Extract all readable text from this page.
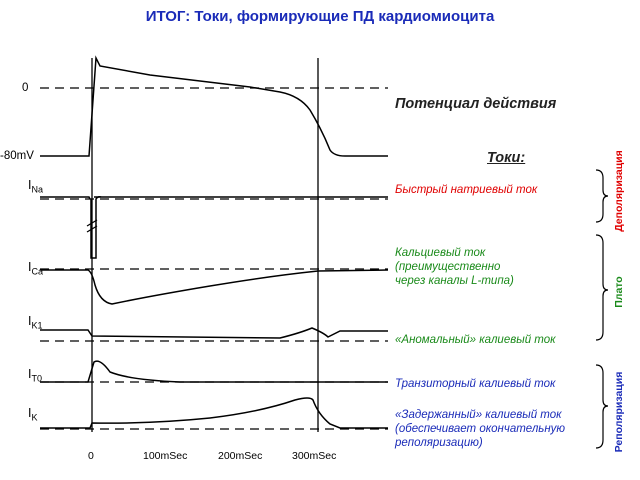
ИТОГ: Токи, формирующие ПД кардиомиоцита
0
-80mV
$I_{Na}$
$I_{Ca}$
$I_{K1}$
$I_{T0}$
$I_K$
0	100mSec	200mSec	300mSec
Потенциал действия
Токи:
Быстрый натриевый ток
Кальциевый ток
(преимущественно
через каналы L-типа)
«Аномальный» калиевый ток
Транзиторный калиевый ток
«Задержанный» калиевый ток
(обеспечивает окончательную
реполяризацию)
Деполяризация
Плато
Реполяризация
